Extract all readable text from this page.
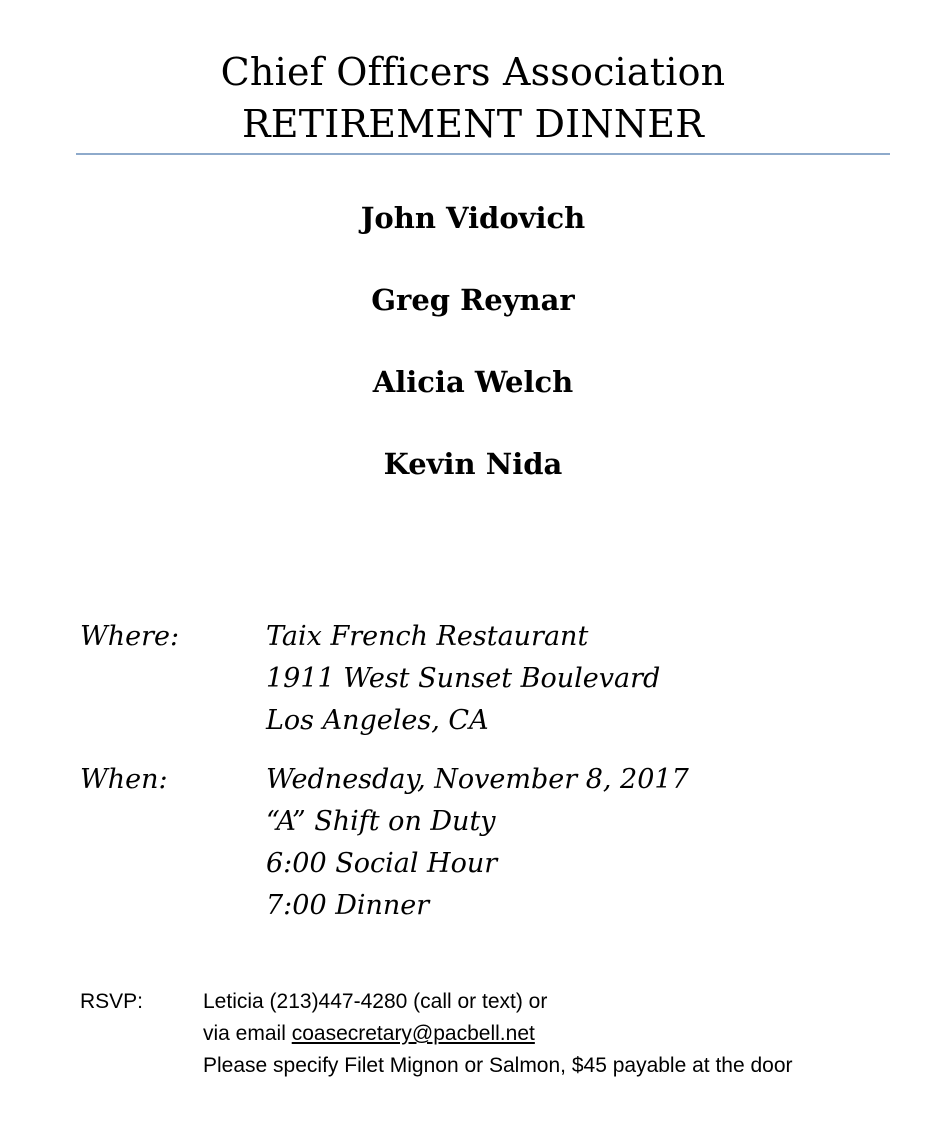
Chief Officers Association
RETIREMENT DINNER
John Vidovich
Greg Reynar
Alicia Welch
Kevin Nida
Where:	Taix French Restaurant
1911 West Sunset Boulevard
Los Angeles, CA
When:	Wednesday, November 8, 2017
“A” Shift on Duty
6:00 Social Hour
7:00 Dinner
RSVP:	Leticia (213)447-4280 (call or text) or
via email coasecretary@pacbell.net
Please specify Filet Mignon or Salmon, $45 payable at the door
